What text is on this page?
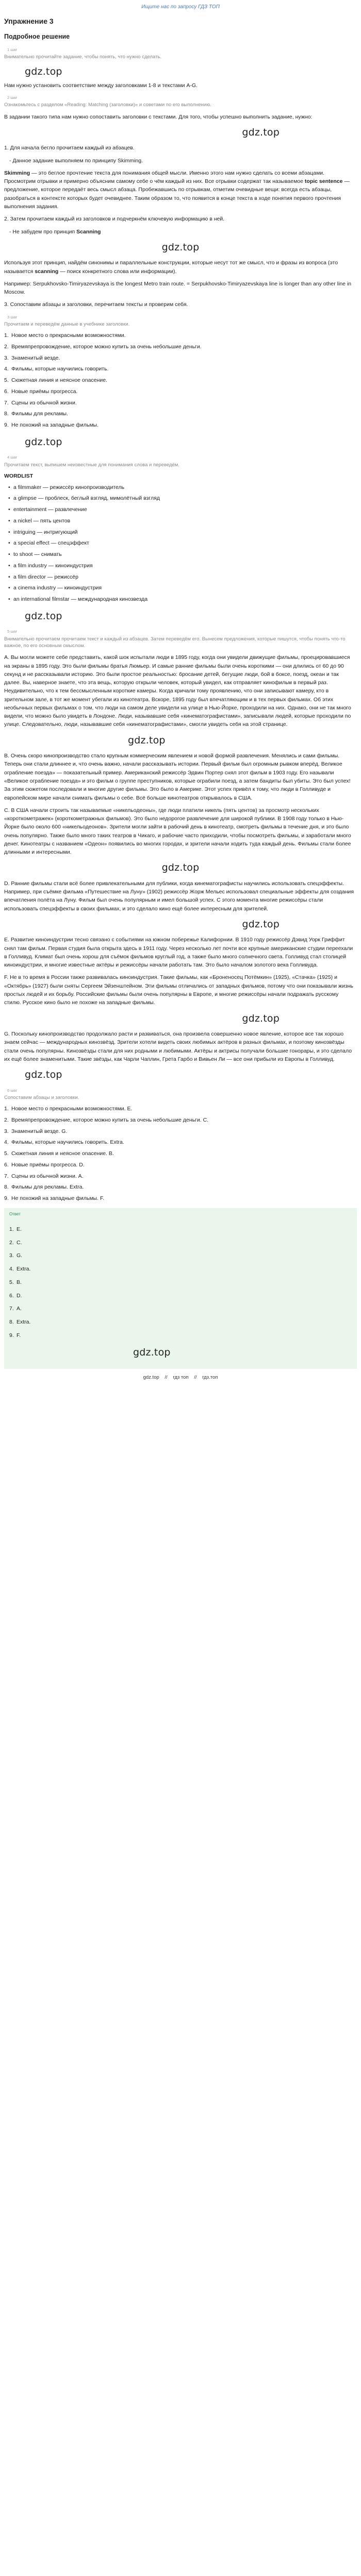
Ищите нас по запросу ГДЗ ТОП
Упражнение 3
Подробное решение
1 шаг
Внимательно прочитайте задание, чтобы понять, что нужно сделать.
gdz.top

Нам нужно установить соответствие между заголовками 1-8 и текстами A-G.

2 шаг
Ознакомьтесь с разделом «Reading: Matching (заголовки)» и советами по его выполнению.

В задании такого типа нам нужно сопоставить заголовки с текстами. Для того, чтобы успешно выполнить задание, нужно:

gdz.top

1. Для начала бегло прочитаем каждый из абзацев.

- Данное задание выполняем по принципу Skimming.

Skimming — это беглое прочтение текста для понимания общей мысли. Именно этого нам нужно сделать со всеми абзацами. Просмотрим отрывки и примерно объясним самому себе о чём каждый из них. Все отрывки содержат так называемое topic sentence — предложение, которое передаёт весь смысл абзаца. Пробежавшись по отрывкам, отметим очевидные вещи: всегда есть абзацы, разобраться в контексте которых будет очевиднее. Таким образом то, что появится в конце текста в ходе понятия первого прочтения выполнения задания.

2. Затем прочитаем каждый из заголовков и подчеркнём ключевую информацию в ней.

- Не забудем про принцип Scanning

gdz.top

Используя этот принцип, найдём синонимы и параллельные конструкции, которые несут тот же смысл, что и фразы из вопроса (это называется scanning — поиск конкретного слова или информации).

Например: Serpukhovsko-Timiryazevskaya is the longest Metro train route. = Serpukhovsko-Timiryazevskaya line is longer than any other line in Moscow.

3. Сопоставим абзацы и заголовки, перечитаем тексты и проверим себя.

3 шаг
Прочитаем и переведём данные в учебнике заголовки.
1. Новое место о прекрасными возможностями.
2. Времяпрепровождение, которое можно купить за очень небольшие деньги.
3. Знаменитый вездe.
4. Фильмы, которые научились говорить.
5. Сюжетная линия и неясное оnacение.
6. Новые приёмы прогресса.
7. Сцены из обычной жизни.
8. Фильмы для рекламы.
9. Не похожий на западные фильмы.
gdz.top
4 шаг
Прочитаем текст, выпишем неизвестные для понимания слова и переведём.
WORDLIST
• a filmmaker — режиссёр кинопроизводитель
• a glimpse — проблеск, беглый взгляд, мимолётный взгляд
• entertainment — развлечение
• a nickel — пять центов
• intriguing — интригующий
• a special effect — спецэффект
• to shoot — снимать
• a film industry — кинoиндустрия
• a film director — режиссёр
• a cinema industry — киноиндустрия
• an international filmstar — международная кинозвезда
gdz.top
5 шаг
Внимательно прочитаем прочитаем текст и каждый из абзацев. Затем переведём его. Вынесем предложения, которые пишутся, чтобы понять что-то важное, по его основным смыслом.

A. Вы могли можете себе представить, какой шок испытали люди в 1895 году, когда они увидели движущие фильмы, проецировавшиеся на экраны в 1895 году. Это были фильмы братья Люмьер. И самые ранние фильмы были очень короткими — они длились от 60 до 90 секунд и не рассказывали историю. Это были простое реальностью: бросание детей, бегущие люди, бой в боксе, поезд, океан и так далее. Вы, наверное знаете, что эта вещь, которую открыли человек, который увидел, как отправляет кинофильм в первый раз. Неудивительно, что к тем бессмысленным короткие камеры. Когда кричали тому проявлению, что они записывают камеру, кто в зрительном зале, в тот же момент убегали из кинотеатра. Вскоре, 1895 году был впечатляющим и в тех первых фильмах. Об этих необычных первых фильмах о том, что люди на самом деле увидели на улице в Нью-Йорке, проходили на них. Однако, они не так много видели, что можно было увидеть в Лондоне. Люди, называвшие себя «кинематографистами», записывали людей, которые проходили по улице. Следовательно, люди, называвшие себя «кинематографистами», смогли увидеть себя на этой странице.

gdz.top

B. Очень скоро кинопроизводство стало крупным коммерческим явлением и новой формой развлечения. Менялись и сами фильмы. Теперь они стали длиннее и, что очень важно, начали рассказывать истории. Первый фильм был огромным рывком вперёд. Великое ограбление поезда» — показательный пример. Американский режиссёр Эдвин Портер снял этот фильм в 1903 году. Его называли «Великое ограбление поезда» и это фильм о группе преступников, которые ограбили поезд, а затем бандиты был убиты. Это был успех! За этим сюжетом последовали и многие другие фильмы. Это было в Америке. Этот успех привёл к тому, что люди в Голливуде и европейском мире начали снимать фильмы о себе. Всё больше кинотеатров открывалось в США.

C. В США начали строить так называемые «никельодеоны», где люди платили никель (пять центов) за просмотр нескольких «короткометражек» (короткометражных фильмов). Это было недорогое развлечение для широкой публики. В 1908 году только в Нью-Йорке было около 600 «никельодеонов». Зрители могли зайти в рабочий день в кинотеатр, смотреть фильмы в течение дня, и это было очень популярно. Также было много таких театров в Чикаго, и рабочие часто приходили, чтобы посмотреть фильмы, и заработали много денег. Кинотеатры с названием «Одеон» появились во многих городах, и зрители начали ходить туда каждый день. Фильмы стали более длинными и интересными.

gdz.top

D. Ранние фильмы стали всё более привлекательными для публики, когда кинематографисты научились использовать спецэффекты. Например, при съёмке фильма «Путешествие на Луну» (1902) режиссёр Жорж Мельес использовал специальные эффекты для создания впечатления полёта на Луну. Фильм был очень популярным и имел большой успех. С этого момента многие режиссёры стали использовать спецэффекты в своих фильмах, и это сделало кино ещё более интересным для зрителей.

gdz.top

E. Развитие киноиндустрии тесно связано с событиями на южном побережье Калифорнии. В 1910 году режиссёр Дэвид Уорк Гриффит снял там фильм. Первая студия была открыта здесь в 1911 году. Через несколько лет почти все крупные американские студии переехали в Голливуд. Климат был очень хорош для съёмок фильмов круглый год, а также было много солнечного света. Голливуд стал столицей киноиндустрии, и многие известные актёры и режиссёры начали работать там. Это было началом золотого века Голливуда.

F. Не в то время в России также развивалась киноиндустрия. Такие фильмы, как «Броненосец Потёмкин» (1925), «Стачка» (1925) и «Октябрь» (1927) были сняты Сергеем Эйзенштейном. Эти фильмы отличались от западных фильмов, потому что они показывали жизнь простых людей и их борьбу. Российские фильмы были очень популярны в Европе, и многие режиссёры начали подражать русскому стилю. Русское кино было не похоже на западные фильмы.

gdz.top

G. Поскольку кинопроизводство продолжало расти и развиваться, она произвела совершенно новое явление, которое все так хорошо знаем сейчас — международных кинозвёзд. Зрители хотели видеть своих любимых актёров в разных фильмах, и поэтому кинозвёзды стали очень популярны. Кинозвёзды стали для них родными и любимыми. Актёры и актрисы получали большие гонорары, и это сделало их ещё более знаменитыми. Такие звёзды, как Чарли Чаплин, Грета Гарбо и Вивьен Ли — все они прибыли из Европы в Голливуд.

gdz.top
6 шаг
Сопоставим абзацы и заголовки.
1. Новое место о прекрасными возможностями. E.
2. Времяпрепровождение, которое можно купить за очень небольшие деньги. C.
3. Знаменитый везде. G.
4. Фильмы, которые научились говорить. Extra.
5. Сюжетная линия и неясное оnacение. B.
6. Новые приёмы прогресса. D.
7. Сцены из обычной жизни. A.
8. Фильмы для рекламы. Extra.
9. Не похожий на западные фильмы. F.
Ответ
1. E.
2. C.
3. G.
4. Extra.
5. B.
6. D.
7. A.
8. Extra.
9. F.
gdz.top
gdz.top // гдз топ // гдз.топ
